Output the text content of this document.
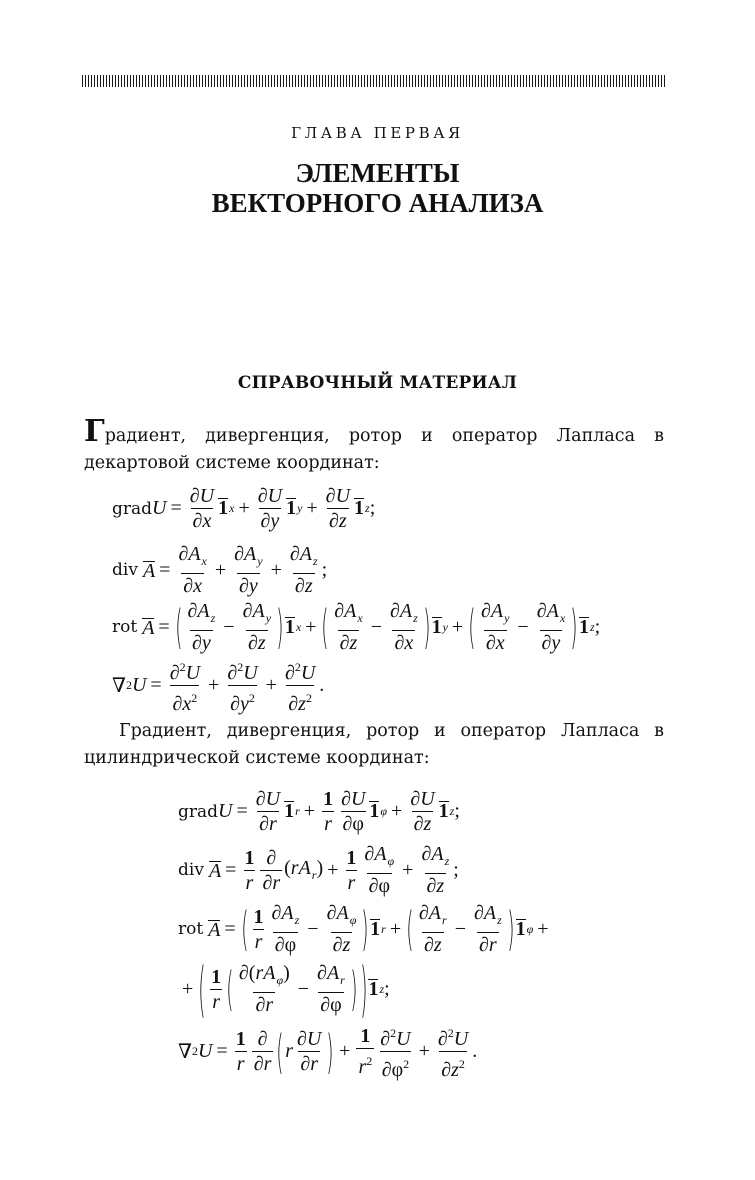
ГЛАВА ПЕРВАЯ
ЭЛЕМЕНТЫ
ВЕКТОРНОГО АНАЛИЗА
СПРАВОЧНЫЙ МАТЕРИАЛ
Градиент, дивергенция, ротор и оператор Лапласа в декартовой системе координат:
grad $U = \frac{\partial U}{\partial x} 1$ $x + \frac{\partial U}{\partial y} 1$ $y + \frac{\partial U}{\partial z} 1$ z ;
div
$A = \frac{\partial A_x}{\partial x} + \frac{\partial A_y}{\partial y} + \frac{\partial A_z}{\partial z}$ ;
rot
A = ( $\frac{\partial A_z}{\partial y} - \frac{\partial A_y}{\partial z}$ ) 1 x + ( $\frac{\partial A_x}{\partial z} - \frac{\partial A_z}{\partial x}$ ) 1 y + ( $\frac{\partial A_y}{\partial x} - \frac{\partial A_x}{\partial y}$ ) 1 z ;
∇ 2 $U = \frac{\partial^2U}{\partial x^2} + \frac{\partial^2U}{\partial y^2} + \frac{\partial^2U}{\partial z^2}$ .
Градиент, дивергенция, ротор и оператор Лапласа в цилиндрической системе координат:
grad $U = \frac{\partial U}{\partial r} 1$ $r + \frac{1}{r} \frac{\partial U}{\partial\varphi} 1$ $\varphi + \frac{\partial U}{\partial z} 1$ z ;
div
$A = \frac{1}{r} \frac{\partial}{\partial r} (rA_r) + \frac{1}{r} \frac{\partial A_\varphi}{\partial\varphi} + \frac{\partial A_z}{\partial z}$ ;
rot
A = ( $\frac{1}{r} \frac{\partial A_z}{\partial\varphi} - \frac{\partial A_\varphi}{\partial z}$ ) 1 r + ( $\frac{\partial A_r}{\partial z} - \frac{\partial A_z}{\partial r}$ ) 1 φ +
+ ( $\frac{1}{r}$ ( $\frac{\partial(rA_\varphi)}{\partial r} - \frac{\partial A_r}{\partial\varphi}$ ) ) 1 z ;
∇ 2 $U = \frac{1}{r} \frac{\partial}{\partial r}$ ( r $\frac{\partial U}{\partial r}$ ) + $\frac{1}{r^2} \frac{\partial^2U}{\partial\varphi^2} + \frac{\partial^2U}{\partial z^2}$ .
